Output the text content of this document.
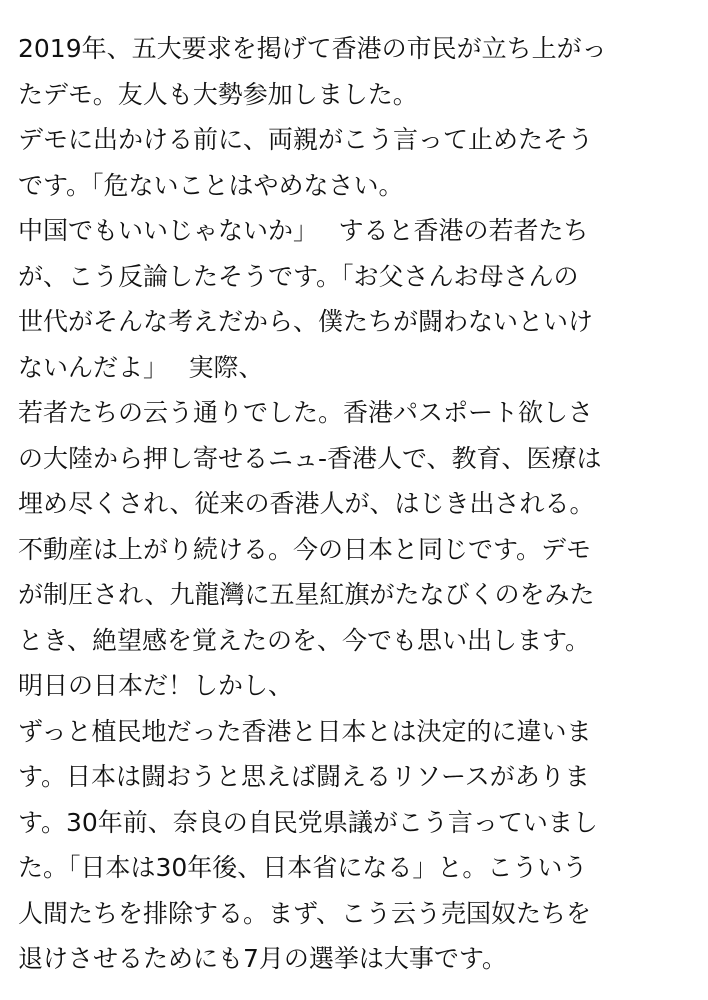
2019年、五大要求を掲げて香港の市民が立ち上がっ
たデモ。友人も大勢参加しました。
デモに出かける前に、両親がこう言って止めたそう
です。「危ないことはやめなさい。
中国でもいいじゃないか」　 すると香港の若者たち
が、こう反論したそうです。「お父さんお母さんの
世代がそんな考えだから、僕たちが闘わないといけ
ないんだよ」　 実際、
若者たちの云う通りでした。香港パスポート欲しさ
の大陸から押し寄せるニュ-香港人で、教育、医療は
埋め尽くされ、従来の香港人が、はじき出される。
不動産は上がり続ける。今の日本と同じです。デモ
が制圧され、九龍灣に五星紅旗がたなびくのをみた
とき、絶望感を覚えたのを、今でも思い出します。
明日の日本だ！しかし、
ずっと植民地だった香港と日本とは決定的に違いま
す。日本は闘おうと思えば闘えるリソースがありま
す。30年前、奈良の自民党県議がこう言っていまし
た。「日本は30年後、日本省になる」と。こういう
人間たちを排除する。まず、こう云う売国奴たちを
退けさせるためにも7月の選挙は大事です。
